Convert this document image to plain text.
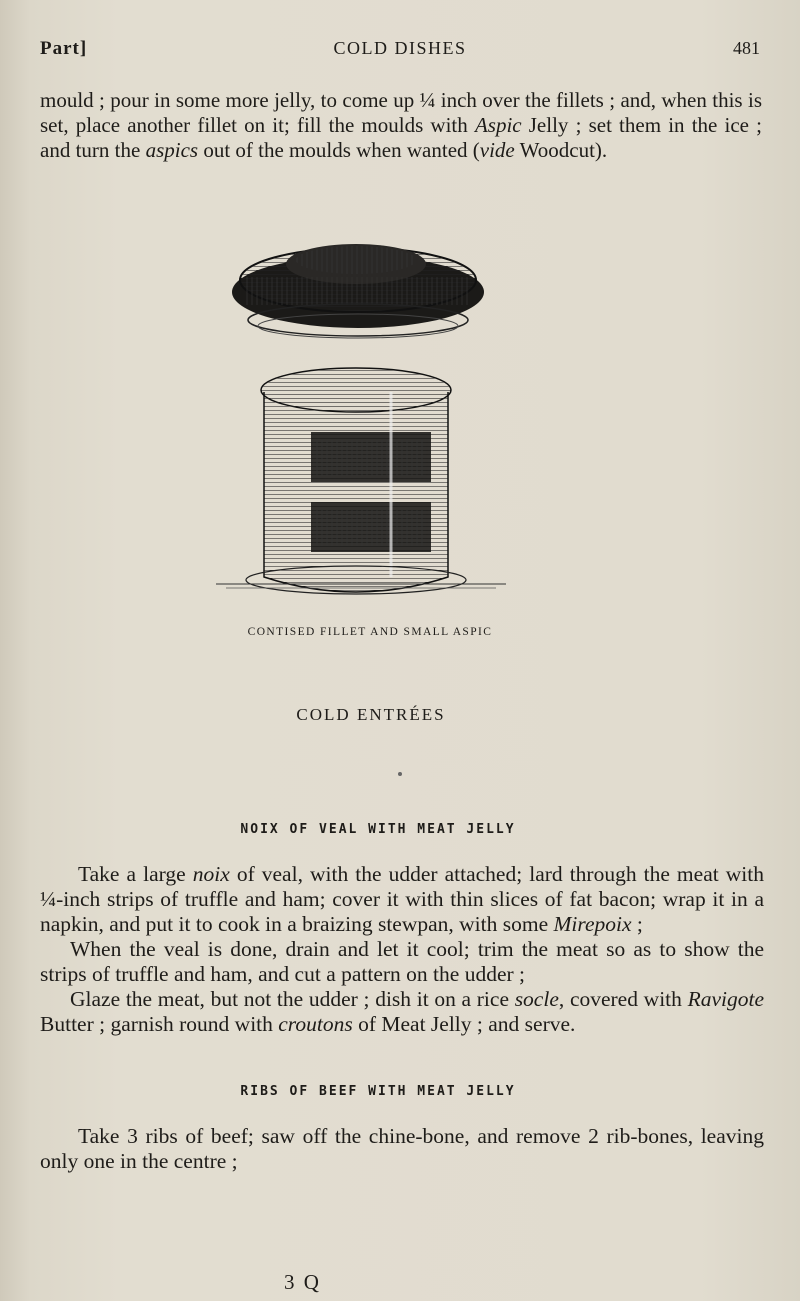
Part]	COLD DISHES	481

mould ; pour in some more jelly, to come up ¼ inch over the fillets ; and, when this is set, place another fillet on it; fill the moulds with Aspic Jelly ; set them in the ice ; and turn the aspics out of the moulds when wanted (vide Woodcut).

CONTISED FILLET AND SMALL ASPIC
COLD ENTRÉES
NOIX OF VEAL WITH MEAT JELLY

Take a large noix of veal, with the udder attached; lard through the meat with ¼-inch strips of truffle and ham; cover it with thin slices of fat bacon; wrap it in a napkin, and put it to cook in a braizing stewpan, with some Mirepoix ;

When the veal is done, drain and let it cool; trim the meat so as to show the strips of truffle and ham, and cut a pattern on the udder ;

Glaze the meat, but not the udder ; dish it on a rice socle, covered with Ravigote Butter ; garnish round with croutons of Meat Jelly ; and serve.

RIBS OF BEEF WITH MEAT JELLY

Take 3 ribs of beef; saw off the chine-bone, and remove 2 rib-bones, leaving only one in the centre ;

3 Q
